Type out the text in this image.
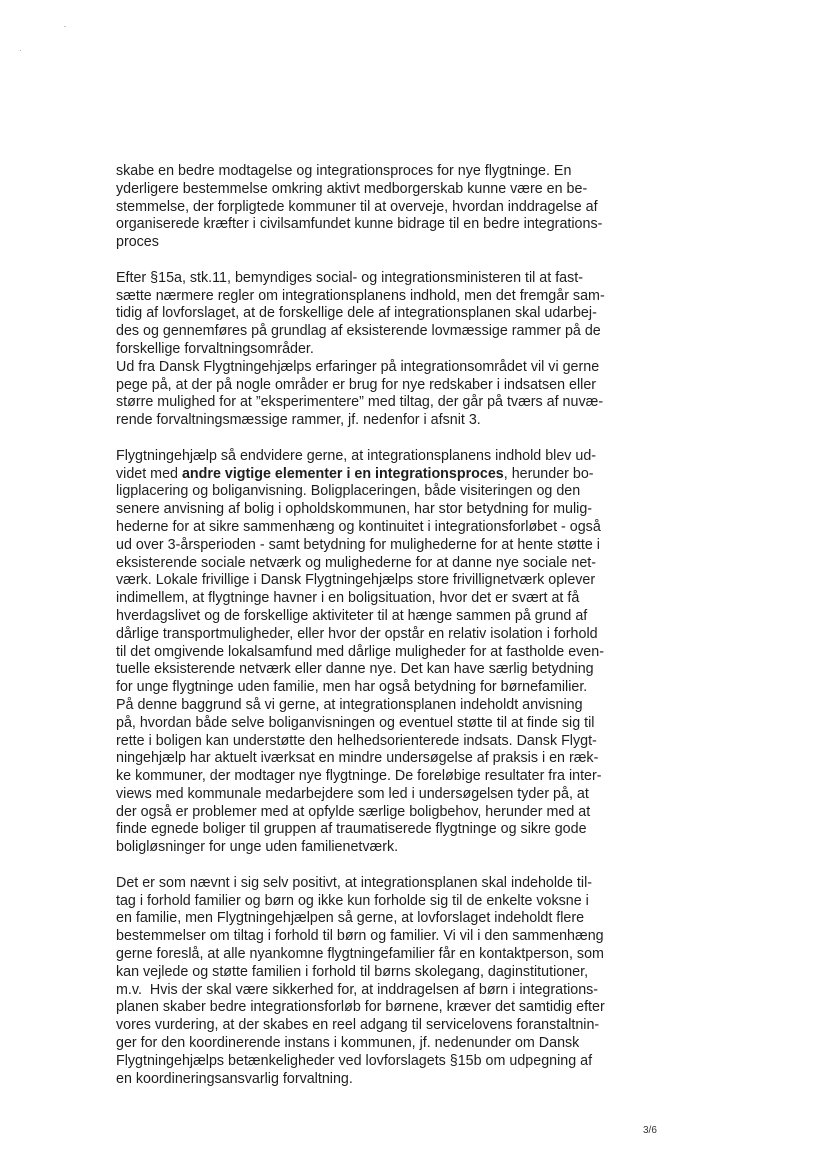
·
skabe en bedre modtagelse og integrationsproces for nye flygtninge. En
yderligere bestemmelse omkring aktivt medborgerskab kunne være en be-
stemmelse, der forpligtede kommuner til at overveje, hvordan inddragelse af
organiserede kræfter i civilsamfundet kunne bidrage til en bedre integrations-
proces
Efter §15a, stk.11, bemyndiges social- og integrationsministeren til at fast-
sætte nærmere regler om integrationsplanens indhold, men det fremgår sam-
tidig af lovforslaget, at de forskellige dele af integrationsplanen skal udarbej-
des og gennemføres på grundlag af eksisterende lovmæssige rammer på de
forskellige forvaltningsområder.
Ud fra Dansk Flygtningehjælps erfaringer på integrationsområdet vil vi gerne
pege på, at der på nogle områder er brug for nye redskaber i indsatsen eller
større mulighed for at ”eksperimentere” med tiltag, der går på tværs af nuvæ-
rende forvaltningsmæssige rammer, jf. nedenfor i afsnit 3.
Flygtningehjælp så endvidere gerne, at integrationsplanens indhold blev ud-
videt med andre vigtige elementer i en integrationsproces, herunder bo-
ligplacering og boliganvisning. Boligplaceringen, både visiteringen og den
senere anvisning af bolig i opholdskommunen, har stor betydning for mulig-
hederne for at sikre sammenhæng og kontinuitet i integrationsforløbet - også
ud over 3-årsperioden - samt betydning for mulighederne for at hente støtte i
eksisterende sociale netværk og mulighederne for at danne nye sociale net-
værk. Lokale frivillige i Dansk Flygtningehjælps store frivillignetværk oplever
indimellem, at flygtninge havner i en boligsituation, hvor det er svært at få
hverdagslivet og de forskellige aktiviteter til at hænge sammen på grund af
dårlige transportmuligheder, eller hvor der opstår en relativ isolation i forhold
til det omgivende lokalsamfund med dårlige muligheder for at fastholde even-
tuelle eksisterende netværk eller danne nye. Det kan have særlig betydning
for unge flygtninge uden familie, men har også betydning for børnefamilier.
På denne baggrund så vi gerne, at integrationsplanen indeholdt anvisning
på, hvordan både selve boliganvisningen og eventuel støtte til at finde sig til
rette i boligen kan understøtte den helhedsorienterede indsats. Dansk Flygt-
ningehjælp har aktuelt iværksat en mindre undersøgelse af praksis i en ræk-
ke kommuner, der modtager nye flygtninge. De foreløbige resultater fra inter-
views med kommunale medarbejdere som led i undersøgelsen tyder på, at
der også er problemer med at opfylde særlige boligbehov, herunder med at
finde egnede boliger til gruppen af traumatiserede flygtninge og sikre gode
boligløsninger for unge uden familienetværk.
Det er som nævnt i sig selv positivt, at integrationsplanen skal indeholde til-
tag i forhold familier og børn og ikke kun forholde sig til de enkelte voksne i
en familie, men Flygtningehjælpen så gerne, at lovforslaget indeholdt flere
bestemmelser om tiltag i forhold til børn og familier. Vi vil i den sammenhæng
gerne foreslå, at alle nyankomne flygtningefamilier får en kontaktperson, som
kan vejlede og støtte familien i forhold til børns skolegang, daginstitutioner,
m.v.  Hvis der skal være sikkerhed for, at inddragelsen af børn i integrations-
planen skaber bedre integrationsforløb for børnene, kræver det samtidig efter
vores vurdering, at der skabes en reel adgang til servicelovens foranstaltnin-
ger for den koordinerende instans i kommunen, jf. nedenunder om Dansk
Flygtningehjælps betænkeligheder ved lovforslagets §15b om udpegning af
en koordineringsansvarlig forvaltning.
3/6
